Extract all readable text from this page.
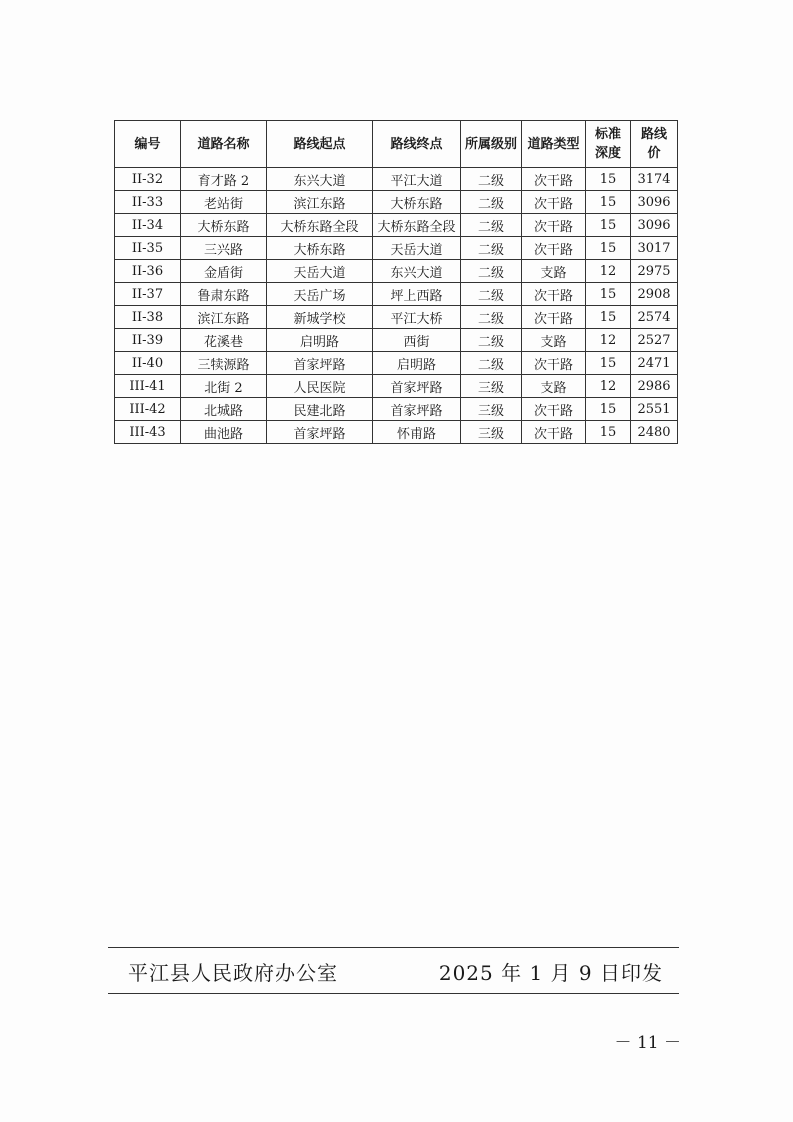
编号	道路名称	路线起点	路线终点	所属级别	道路类型	标准深度	路线价
II-32	育才路 2	东兴大道	平江大道	二级	次干路	15	3174
II-33	老站街	滨江东路	大桥东路	二级	次干路	15	3096
II-34	大桥东路	大桥东路全段	大桥东路全段	二级	次干路	15	3096
II-35	三兴路	大桥东路	天岳大道	二级	次干路	15	3017
II-36	金盾街	天岳大道	东兴大道	二级	支路	12	2975
II-37	鲁肃东路	天岳广场	坪上西路	二级	次干路	15	2908
II-38	滨江东路	新城学校	平江大桥	二级	次干路	15	2574
II-39	花溪巷	启明路	西街	二级	支路	12	2527
II-40	三犊源路	首家坪路	启明路	二级	次干路	15	2471
III-41	北街 2	人民医院	首家坪路	三级	支路	12	2986
III-42	北城路	民建北路	首家坪路	三级	次干路	15	2551
III-43	曲池路	首家坪路	怀甫路	三级	次干路	15	2480
平江县人民政府办公室	2025 年 1 月 9 日印发
－ 11 －
